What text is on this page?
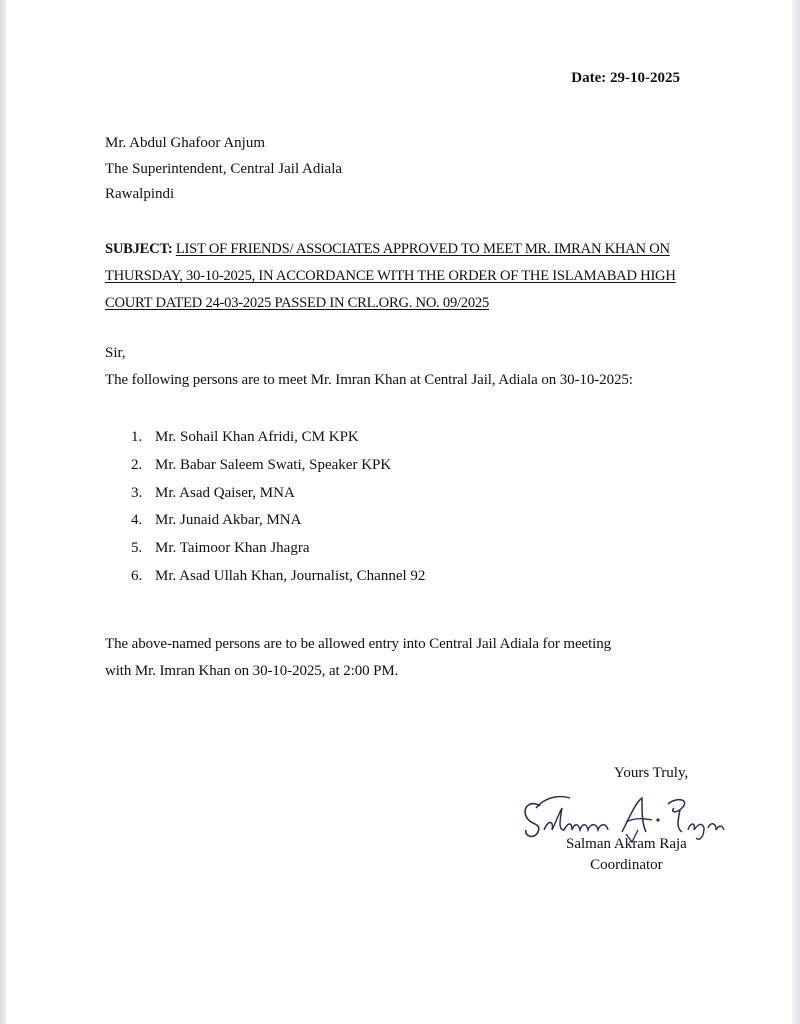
Date: 29-10-2025
Mr. Abdul Ghafoor Anjum
The Superintendent, Central Jail Adiala
Rawalpindi
SUBJECT: LIST OF FRIENDS/ ASSOCIATES APPROVED TO MEET MR. IMRAN KHAN ON THURSDAY, 30-10-2025, IN ACCORDANCE WITH THE ORDER OF THE ISLAMABAD HIGH COURT DATED 24-03-2025 PASSED IN CRL.ORG. NO. 09/2025
Sir,
The following persons are to meet Mr. Imran Khan at Central Jail, Adiala on 30-10-2025:
1. Mr. Sohail Khan Afridi, CM KPK
2. Mr. Babar Saleem Swati, Speaker KPK
3. Mr. Asad Qaiser, MNA
4. Mr. Junaid Akbar, MNA
5. Mr. Taimoor Khan Jhagra
6. Mr. Asad Ullah Khan, Journalist, Channel 92
The above-named persons are to be allowed entry into Central Jail Adiala for meeting
with Mr. Imran Khan on 30-10-2025, at 2:00 PM.
Yours Truly,
Salman Akram Raja
Coordinator
